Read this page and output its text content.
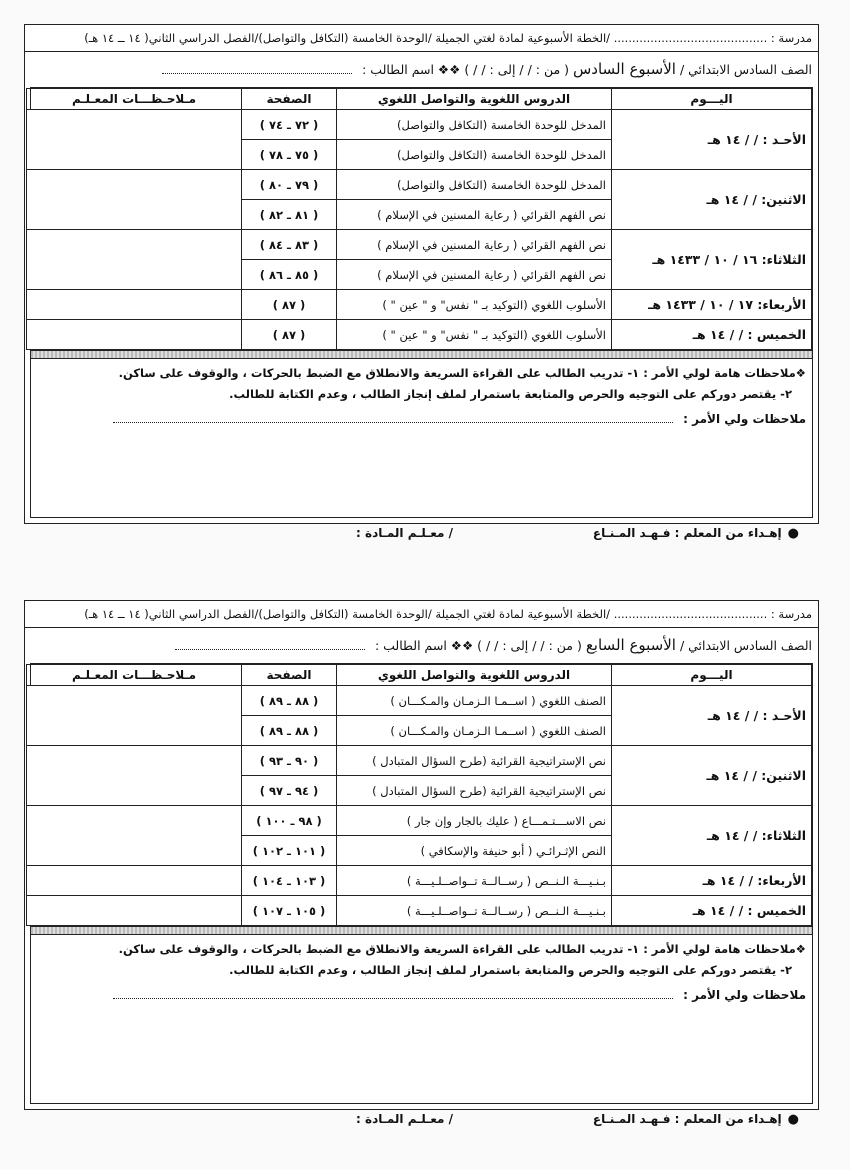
مدرسة : .......................................... /الخطة الأسبوعية لمادة لغتي الجميلة /الوحدة الخامسة (التكافل والتواصل)/الفصل الدراسي الثاني( ١٤ ــ ١٤ هـ)
الصف السادس الابتدائي / الأسبوع السادس ( من : / / إلى : / / ) ❖❖ اسم الطالب :
اليـــوم	الدروس اللغوية والتواصل اللغوي	الصفحة	مـلاحـظـــات المعـلـم
الأحـد : / / ١٤ هـ	المدخل للوحدة الخامسة (التكافل والتواصل)	( ٧٢ ـ ٧٤ )	
	المدخل للوحدة الخامسة (التكافل والتواصل)	( ٧٥ ـ ٧٨ )	
الاثنين: / / ١٤ هـ	المدخل للوحدة الخامسة (التكافل والتواصل)	( ٧٩ ـ ٨٠ )	
	نص الفهم القرائي ( رعاية المسنين في الإسلام )	( ٨١ ـ ٨٢ )	
الثلاثاء: ١٦ / ١٠ / ١٤٣٣ هـ	نص الفهم القرائي ( رعاية المسنين في الإسلام )	( ٨٣ ـ ٨٤ )	
	نص الفهم القرائي ( رعاية المسنين في الإسلام )	( ٨٥ ـ ٨٦ )	
الأربعاء: ١٧ / ١٠ / ١٤٣٣ هـ	الأسلوب اللغوي (التوكيد بـ " نفس" و " عين " )	( ٨٧ )	
الخميس : / / ١٤ هـ	الأسلوب اللغوي (التوكيد بـ " نفس" و " عين " )	( ٨٧ )	
❖ملاحظات هامة لولي الأمر : ١- تدريب الطالب على القراءة السريعة والانطلاق مع الضبط بالحركات ، والوقوف على ساكن.
٢- يقتصر دوركم على التوجيه والحرص والمتابعة باستمرار لملف إنجاز الطالب ، وعدم الكتابة للطالب.
ملاحظات ولي الأمر :
●إهـداء من المعلم : فـهـد المـنـاع
/ معـلـم المـادة :
مدرسة : .......................................... /الخطة الأسبوعية لمادة لغتي الجميلة /الوحدة الخامسة (التكافل والتواصل)/الفصل الدراسي الثاني( ١٤ ــ ١٤ هـ)
الصف السادس الابتدائي / الأسبوع السابع ( من : / / إلى : / / ) ❖❖ اسم الطالب :
اليـــوم	الدروس اللغوية والتواصل اللغوي	الصفحة	مـلاحـظـــات المعـلـم
الأحـد : / / ١٤ هـ	الصنف اللغوي ( اســمـا الـزمـان والمـكـــان )	( ٨٨ ـ ٨٩ )	
	الصنف اللغوي ( اســمـا الـزمـان والمـكـــان )	( ٨٨ ـ ٨٩ )	
الاثنين: / / ١٤ هـ	نص الإستراتيجية القرائية (طرح السؤال المتبادل )	( ٩٠ ـ ٩٣ )	
	نص الإستراتيجية القرائية (طرح السؤال المتبادل )	( ٩٤ ـ ٩٧ )	
الثلاثاء: / / ١٤ هـ	نص الاســـتـمـــاع ( عليك بالجار وإن جار )	( ٩٨ ـ ١٠٠ )	
	النص الإثـرائـي ( أبو حنيفة والإسكافي )	( ١٠١ ـ ١٠٢ )	
الأربعاء: / / ١٤ هـ	بـنـيـــة الـنــص ( رســالــة تــواصــلـيـــة )	( ١٠٣ ـ ١٠٤ )	
الخميس : / / ١٤ هـ	بـنـيـــة الـنــص ( رســالــة تــواصــلـيـــة )	( ١٠٥ ـ ١٠٧ )	
❖ملاحظات هامة لولي الأمر : ١- تدريب الطالب على القراءة السريعة والانطلاق مع الضبط بالحركات ، والوقوف على ساكن.
٢- يقتصر دوركم على التوجيه والحرص والمتابعة باستمرار لملف إنجاز الطالب ، وعدم الكتابة للطالب.
ملاحظات ولي الأمر :
●إهـداء من المعلم : فـهـد المـنـاع
/ معـلـم المـادة :
